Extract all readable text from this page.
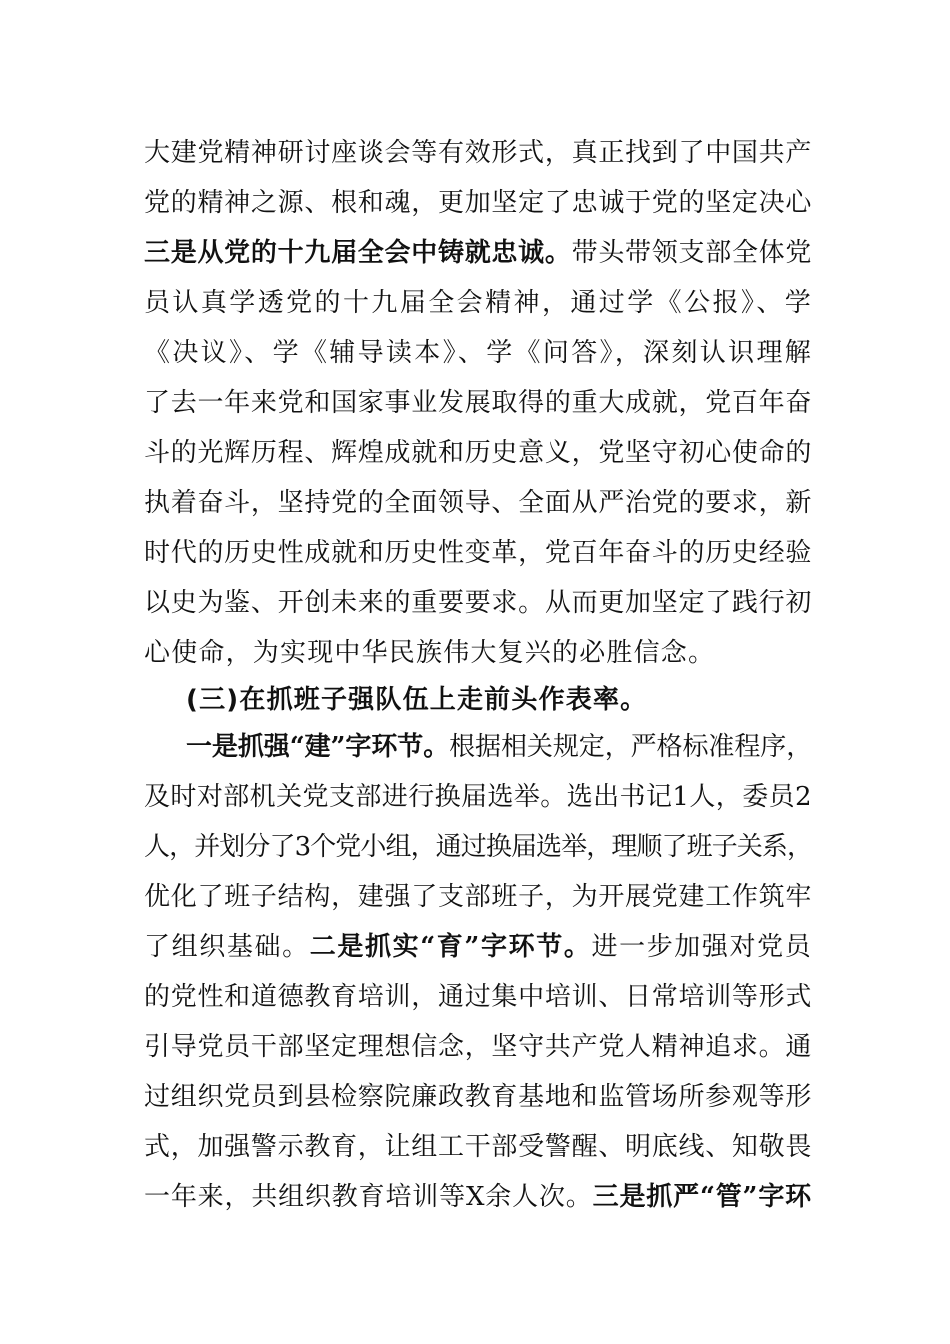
大建党精神研讨座谈会等有效形式，真正找到了中国共产
党的精神之源、根和魂，更加坚定了忠诚于党的坚定决心
三是从党的十九届全会中铸就忠诚。带头带领支部全体党
员认真学透党的十九届全会精神，通过学《公报》、学
《决议》、学《辅导读本》、学《问答》，深刻认识理解
了去一年来党和国家事业发展取得的重大成就，党百年奋
斗的光辉历程、辉煌成就和历史意义，党坚守初心使命的
执着奋斗，坚持党的全面领导、全面从严治党的要求，新
时代的历史性成就和历史性变革，党百年奋斗的历史经验
以史为鉴、开创未来的重要要求。从而更加坚定了践行初
心使命，为实现中华民族伟大复兴的必胜信念。
(三)在抓班子强队伍上走前头作表率。
一是抓强“建”字环节。根据相关规定，严格标准程序，
及时对部机关党支部进行换届选举。选出书记1人，委员2
人，并划分了3个党小组，通过换届选举，理顺了班子关系，
优化了班子结构，建强了支部班子，为开展党建工作筑牢
了组织基础。二是抓实“育”字环节。进一步加强对党员
的党性和道德教育培训，通过集中培训、日常培训等形式
引导党员干部坚定理想信念，坚守共产党人精神追求。通
过组织党员到县检察院廉政教育基地和监管场所参观等形
式，加强警示教育，让组工干部受警醒、明底线、知敬畏
一年来，共组织教育培训等X余人次。三是抓严“管”字环
